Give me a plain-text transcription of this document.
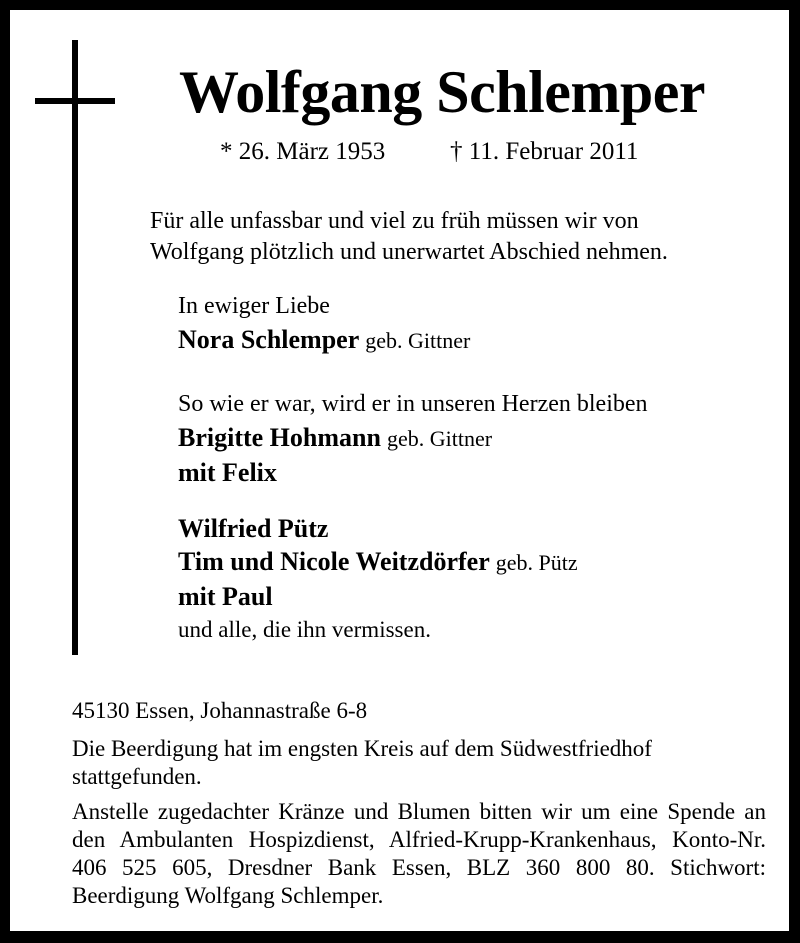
Wolfgang Schlemper
* 26. März 1953	† 11. Februar 2011
Für alle unfassbar und viel zu früh müssen wir von
Wolfgang plötzlich und unerwartet Abschied nehmen.
In ewiger Liebe
Nora Schlemper geb. Gittner
So wie er war, wird er in unseren Herzen bleiben
Brigitte Hohmann geb. Gittner
mit Felix
Wilfried Pütz
Tim und Nicole Weitzdörfer geb. Pütz
mit Paul
und alle, die ihn vermissen.
45130 Essen, Johannastraße 6-8
Die Beerdigung hat im engsten Kreis auf dem Südwestfriedhof stattgefunden.
Anstelle zugedachter Kränze und Blumen bitten wir um eine Spende an den Ambulanten Hospizdienst, Alfried-Krupp-Krankenhaus, Konto-Nr. 406 525 605, Dresdner Bank Essen, BLZ 360 800 80. Stichwort: Beerdigung Wolfgang Schlemper.
